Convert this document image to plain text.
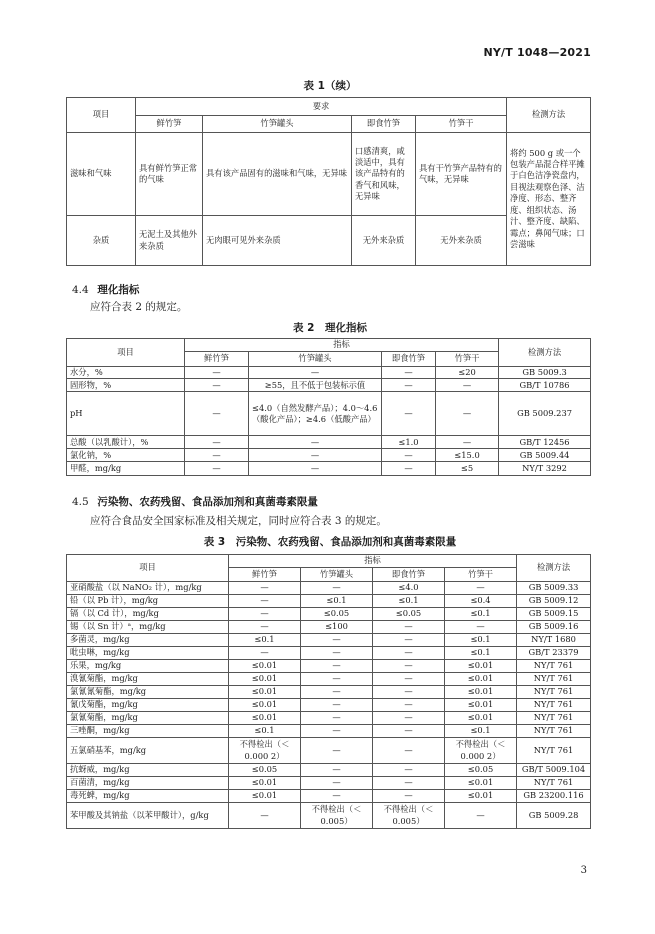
NY/T 1048—2021
表 1（续）
项目	要求				检测方法
	鲜竹笋	竹笋罐头	即食竹笋	竹笋干	
滋味和气味	具有鲜竹笋正常的气味	具有该产品固有的滋味和气味，无异味	口感清爽，咸淡适中，具有该产品特有的香气和风味，无异味	具有干竹笋产品特有的气味，无异味	将约 500 g 或一个包装产品混合样平摊于白色洁净瓷盘内，目视法观察色泽、洁净度、形态、整齐度、组织状态、汤汁、整齐度、缺陷、霉点；鼻闻气味；口尝滋味
杂质	无泥土及其他外来杂质	无肉眼可见外来杂质	无外来杂质	无外来杂质	
4.4 理化指标
应符合表 2 的规定。
表 2　理化指标
项目	指标				检测方法
	鲜竹笋	竹笋罐头	即食竹笋	竹笋干	
水分，%	—	—	—	≤20	GB 5009.3
固形物，%	—	≥55，且不低于包装标示值	—	—	GB/T 10786
pH	—	≤4.0（自然发酵产品）；4.0～4.6（酸化产品）；≥4.6（低酸产品）	—	—	GB 5009.237
总酸（以乳酸计），%	—	—	≤1.0	—	GB/T 12456
氯化钠，%	—	—	—	≤15.0	GB 5009.44
甲醛，mg/kg	—	—	—	≤5	NY/T 3292
4.5 污染物、农药残留、食品添加剂和真菌毒素限量
应符合食品安全国家标准及相关规定，同时应符合表 3 的规定。
表 3　污染物、农药残留、食品添加剂和真菌毒素限量
项目	指标				检测方法
	鲜竹笋	竹笋罐头	即食竹笋	竹笋干	
亚硝酸盐（以 NaNO₂ 计），mg/kg	—	—	≤4.0	—	GB 5009.33
铅（以 Pb 计），mg/kg	—	≤0.1	≤0.1	≤0.4	GB 5009.12
镉（以 Cd 计），mg/kg	—	≤0.05	≤0.05	≤0.1	GB 5009.15
锡（以 Sn 计）ᵃ，mg/kg	—	≤100	—	—	GB 5009.16
多菌灵，mg/kg	≤0.1	—	—	≤0.1	NY/T 1680
吡虫啉，mg/kg	—	—	—	≤0.1	GB/T 23379
乐果，mg/kg	≤0.01	—	—	≤0.01	NY/T 761
溴氰菊酯，mg/kg	≤0.01	—	—	≤0.01	NY/T 761
氯氰氰菊酯，mg/kg	≤0.01	—	—	≤0.01	NY/T 761
氰戊菊酯，mg/kg	≤0.01	—	—	≤0.01	NY/T 761
氯氰菊酯，mg/kg	≤0.01	—	—	≤0.01	NY/T 761
三唑酮，mg/kg	≤0.1	—	—	≤0.1	NY/T 761
五氯硝基苯，mg/kg	不得检出（＜0.000 2）	—	—	不得检出（＜0.000 2）	NY/T 761
抗蚜威，mg/kg	≤0.05	—	—	≤0.05	GB/T 5009.104
百菌清，mg/kg	≤0.01	—	—	≤0.01	NY/T 761
毒死蜱，mg/kg	≤0.01	—	—	≤0.01	GB 23200.116
苯甲酸及其钠盐（以苯甲酸计），g/kg	—	不得检出（＜0.005）	不得检出（＜0.005）	—	GB 5009.28
3
